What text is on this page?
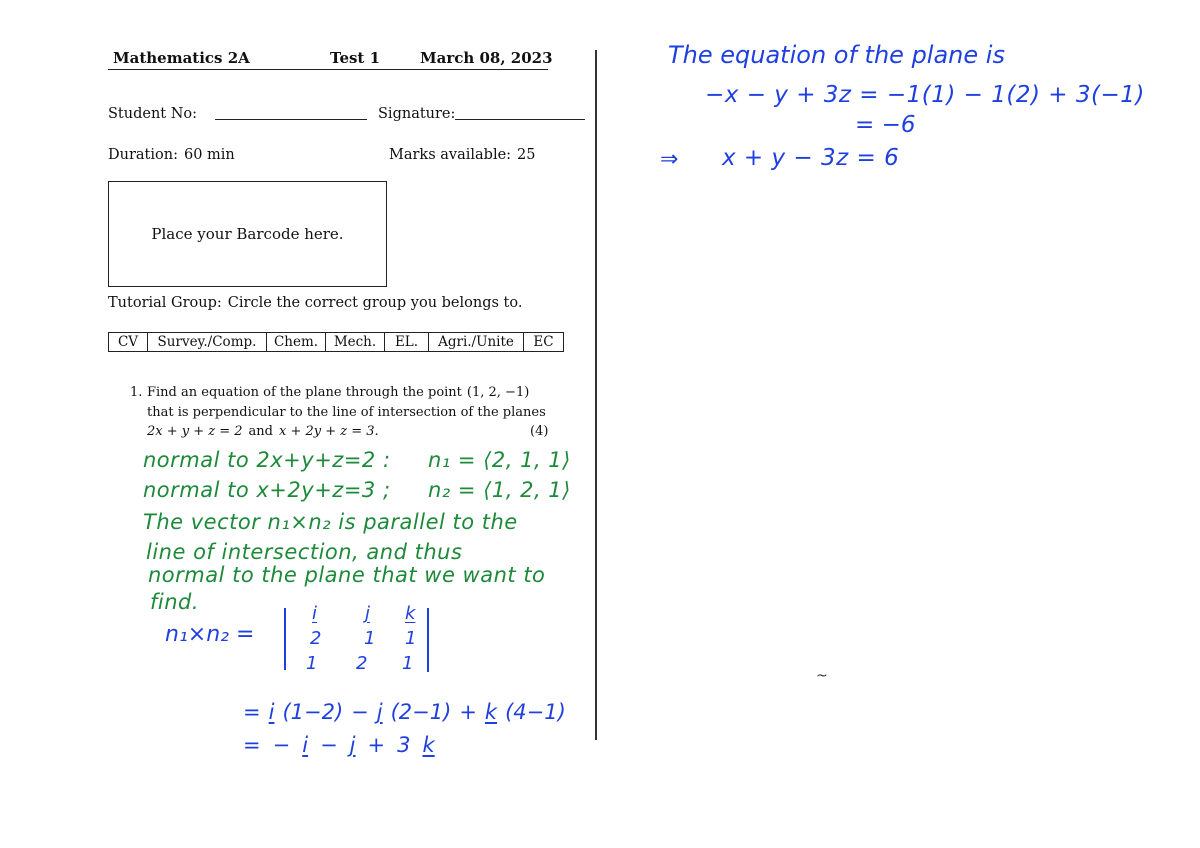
Mathematics 2A	Test 1	March 08, 2023
Student No:	Signature:
Duration: 60 min	Marks available: 25
Place your Barcode here.
Tutorial Group: Circle the correct group you belongs to.
CV	Survey./Comp.	Chem.	Mech.	EL.	Agri./Unite	EC
1. Find an equation of the plane through the point (1, 2, −1)
that is perpendicular to the line of intersection of the planes
2x + y + z = 2 and x + 2y + z = 3.	(4)
normal to 2x+y+z=2 : n₁ = ⟨2, 1, 1⟩
normal to x+2y+z=3 ; n₂ = ⟨1, 2, 1⟩
The vector n₁×n₂ is parallel to the
line of intersection, and thus
normal to the plane that we want to
find.
n₁×n₂ =
i	j k
2 1 1
1 2 1
= i (1−2) − j (2−1) + k (4−1)
= − i − j + 3 k
The equation of the plane is
−x − y + 3z = −1(1) − 1(2) + 3(−1)
= −6
⇒ x + y − 3z = 6
~
